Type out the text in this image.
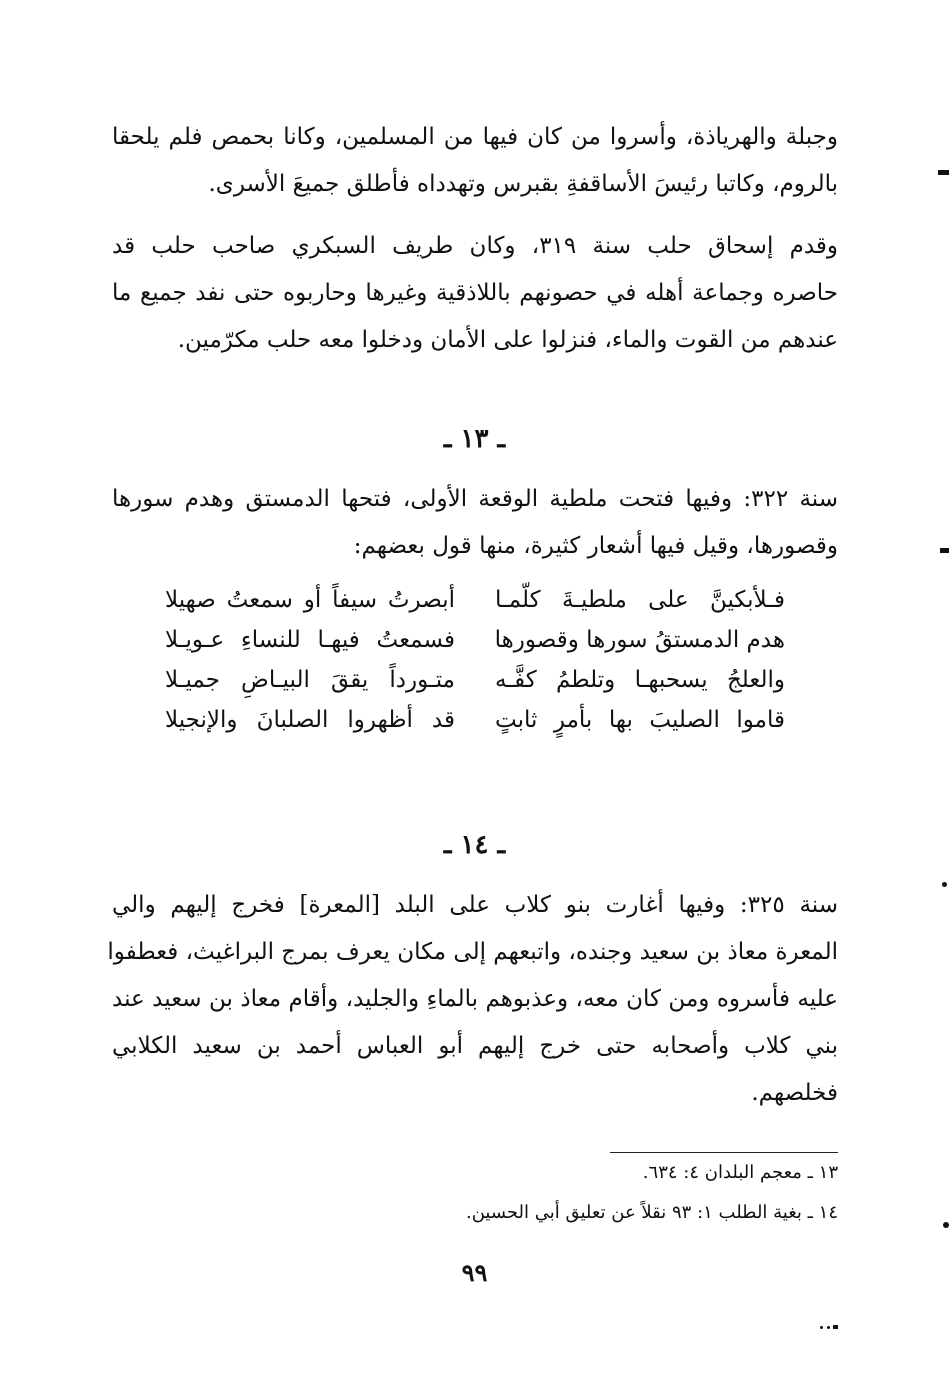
وجبلة والهرياذة، وأسروا من كان فيها من المسلمين، وكانا بحمص فلم يلحقا
بالروم، وكاتبا رئيسَ الأساقفةِ بقبرس وتهدداه فأطلق جميعَ الأسرى.
وقدم إسحاق حلب سنة ٣١٩، وكان طريف السبكري صاحب حلب قد
حاصره وجماعة أهله في حصونهم باللاذقية وغيرها وحاربوه حتى نفد جميع ما
عندهم من القوت والماء، فنزلوا على الأمان ودخلوا معه حلب مكرّمين.
ـ ١٣ ـ
سنة ٣٢٢: وفيها فتحت ملطية الوقعة الأولى، فتحها الدمستق وهدم سورها
وقصورها، وقيل فيها أشعار كثيرة، منها قول بعضهم:
فـلأبكينَّ على ملطيـةَ كلّمـا
أبصرتُ سيفاً أو سمعتُ صهيلا
هدم الدمستقُ سورها وقصورها
فسمعتُ فيهـا للنساءِ عـويـلا
والعلجُ يسحبهـا وتلطمُ كفَّـه
متـورداً يققَ البيـاضِ جميـلا
قاموا الصليبَ بها بأمرٍ ثابتٍ
قد أظهروا الصلبانَ والإنجيلا
ـ ١٤ ـ
سنة ٣٢٥: وفيها أغارت بنو كلاب على البلد [المعرة] فخرج إليهم والي
المعرة معاذ بن سعيد وجنده، واتبعهم إلى مكان يعرف بمرج البراغيث، فعطفوا
عليه فأسروه ومن كان معه، وعذبوهم بالماءِ والجليد، وأقام معاذ بن سعيد عند
بني كلاب وأصحابه حتى خرج إليهم أبو العباس أحمد بن سعيد الكلابي
فخلصهم.
١٣ ـ معجم البلدان ٤: ٦٣٤.
١٤ ـ بغية الطلب ١: ٩٣ نقلاً عن تعليق أبي الحسين.
٩٩
